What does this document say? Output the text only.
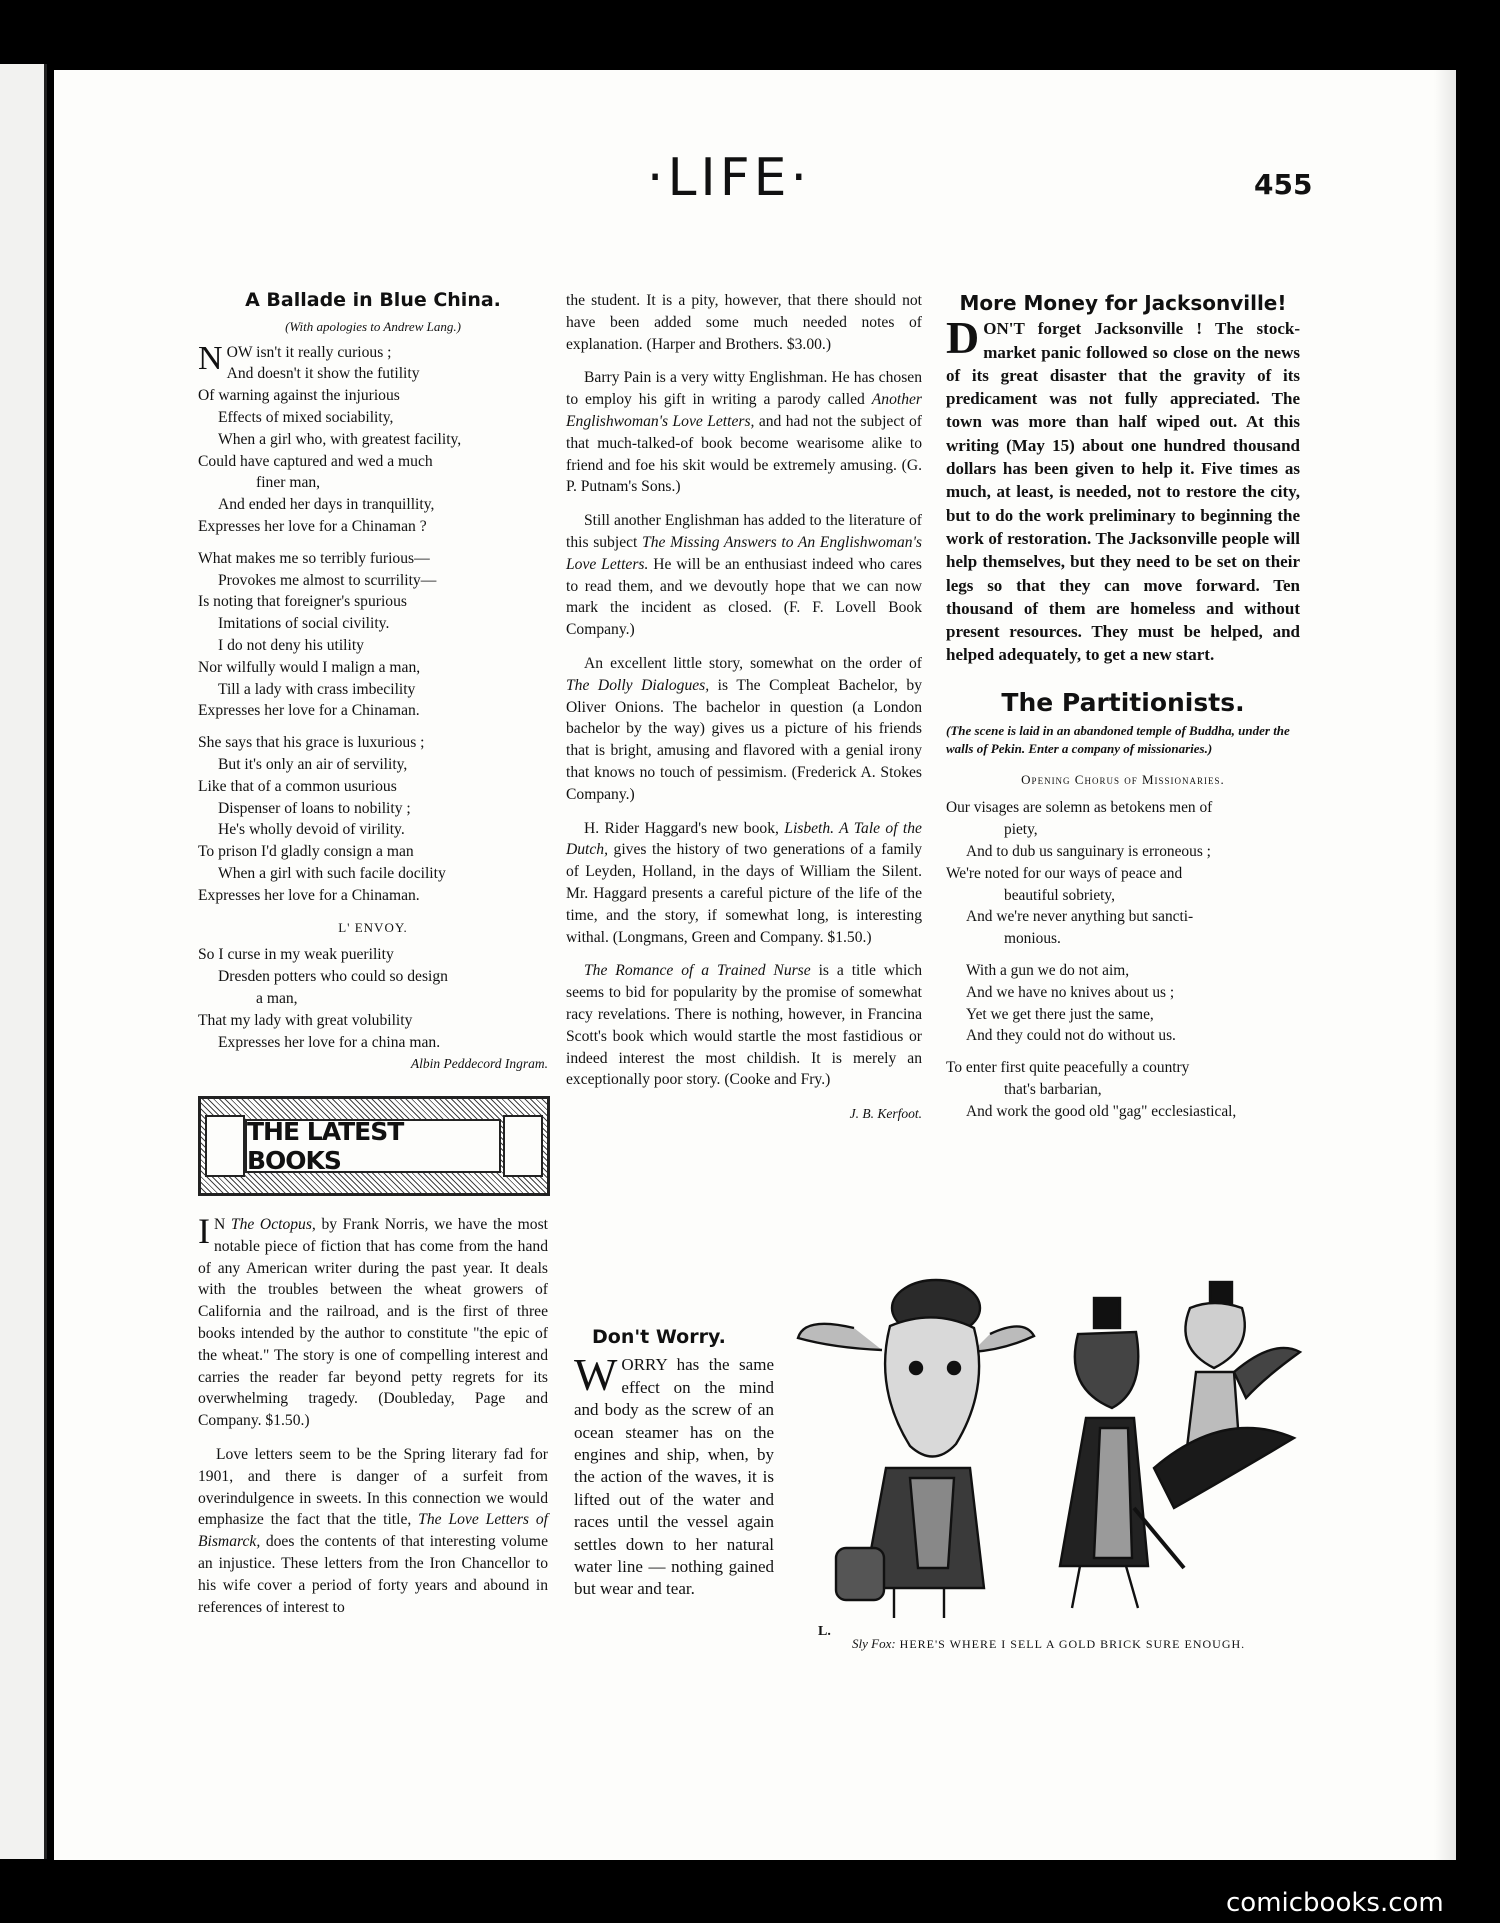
·LIFE·	455
A Ballade in Blue China.

(With apologies to Andrew Lang.)

NOW isn't it really curious ;

And doesn't it show the futility

Of warning against the injurious

Effects of mixed sociability,

When a girl who, with greatest facility,

Could have captured and wed a much

finer man,

And ended her days in tranquillity,

Expresses her love for a Chinaman ?

What makes me so terribly furious—

Provokes me almost to scurrility—

Is noting that foreigner's spurious

Imitations of social civility.

I do not deny his utility

Nor wilfully would I malign a man,

Till a lady with crass imbecility

Expresses her love for a Chinaman.

She says that his grace is luxurious ;

But it's only an air of servility,

Like that of a common usurious

Dispenser of loans to nobility ;

He's wholly devoid of virility.

To prison I'd gladly consign a man

When a girl with such facile docility

Expresses her love for a Chinaman.

L' ENVOY.

So I curse in my weak puerility

Dresden potters who could so design

a man,

That my lady with great volubility

Expresses her love for a china man.

Albin Peddecord Ingram.

THE LATEST BOOKS

I N The Octopus, by Frank Norris, we have the most notable piece of fiction that has come from the hand of any American writer during the past year. It deals with the troubles between the wheat growers of California and the railroad, and is the first of three books intended by the author to constitute "the epic of the wheat." The story is one of compelling interest and carries the reader far beyond petty regrets for its overwhelming tragedy. (Doubleday, Page and Company. $1.50.)

Love letters seem to be the Spring literary fad for 1901, and there is danger of a surfeit from overindulgence in sweets. In this connection we would emphasize the fact that the title, The Love Letters of Bismarck, does the contents of that interesting volume an injustice. These letters from the Iron Chancellor to his wife cover a period of forty years and abound in references of interest to

the student. It is a pity, however, that there should not have been added some much needed notes of explanation. (Harper and Brothers. $3.00.)

Barry Pain is a very witty Englishman. He has chosen to employ his gift in writing a parody called Another Englishwoman's Love Letters, and had not the subject of that much-talked-of book become wearisome alike to friend and foe his skit would be extremely amusing. (G. P. Putnam's Sons.)

Still another Englishman has added to the literature of this subject The Missing Answers to An Englishwoman's Love Letters. He will be an enthusiast indeed who cares to read them, and we devoutly hope that we can now mark the incident as closed. (F. F. Lovell Book Company.)

An excellent little story, somewhat on the order of The Dolly Dialogues, is The Compleat Bachelor, by Oliver Onions. The bachelor in question (a London bachelor by the way) gives us a picture of his friends that is bright, amusing and flavored with a genial irony that knows no touch of pessimism. (Frederick A. Stokes Company.)

H. Rider Haggard's new book, Lisbeth. A Tale of the Dutch, gives the history of two generations of a family of Leyden, Holland, in the days of William the Silent. Mr. Haggard presents a careful picture of the life of the time, and the story, if somewhat long, is interesting withal. (Longmans, Green and Company. $1.50.)

The Romance of a Trained Nurse is a title which seems to bid for popularity by the promise of somewhat racy revelations. There is nothing, however, in Francina Scott's book which would startle the most fastidious or indeed interest the most childish. It is merely an exceptionally poor story. (Cooke and Fry.)

J. B. Kerfoot.

Don't Worry.

WORRY has the same effect on the mind and body as the screw of an ocean steamer has on the engines and ship, when, by the action of the waves, it is lifted out of the water and races until the vessel again settles down to her natural water line — nothing gained but wear and tear.

More Money for Jacksonville!

DON'T forget Jacksonville ! The stock-market panic followed so close on the news of its great disaster that the gravity of its predicament was not fully appreciated. The town was more than half wiped out. At this writing (May 15) about one hundred thousand dollars has been given to help it. Five times as much, at least, is needed, not to restore the city, but to do the work preliminary to beginning the work of restoration. The Jacksonville people will help themselves, but they need to be set on their legs so that they can move forward. Ten thousand of them are homeless and without present resources. They must be helped, and helped adequately, to get a new start.

The Partitionists.

(The scene is laid in an abandoned temple of Buddha, under the walls of Pekin. Enter a company of missionaries.)

Opening Chorus of Missionaries.

Our visages are solemn as betokens men of

piety,

And to dub us sanguinary is erroneous ;

We're noted for our ways of peace and

beautiful sobriety,

And we're never anything but sancti-

monious.

With a gun we do not aim,

And we have no knives about us ;

Yet we get there just the same,

And they could not do without us.

To enter first quite peacefully a country

that's barbarian,

And work the good old "gag" ecclesiastical,

L.
Sly Fox: HERE'S WHERE I SELL A GOLD BRICK SURE ENOUGH.
comicbooks.com
